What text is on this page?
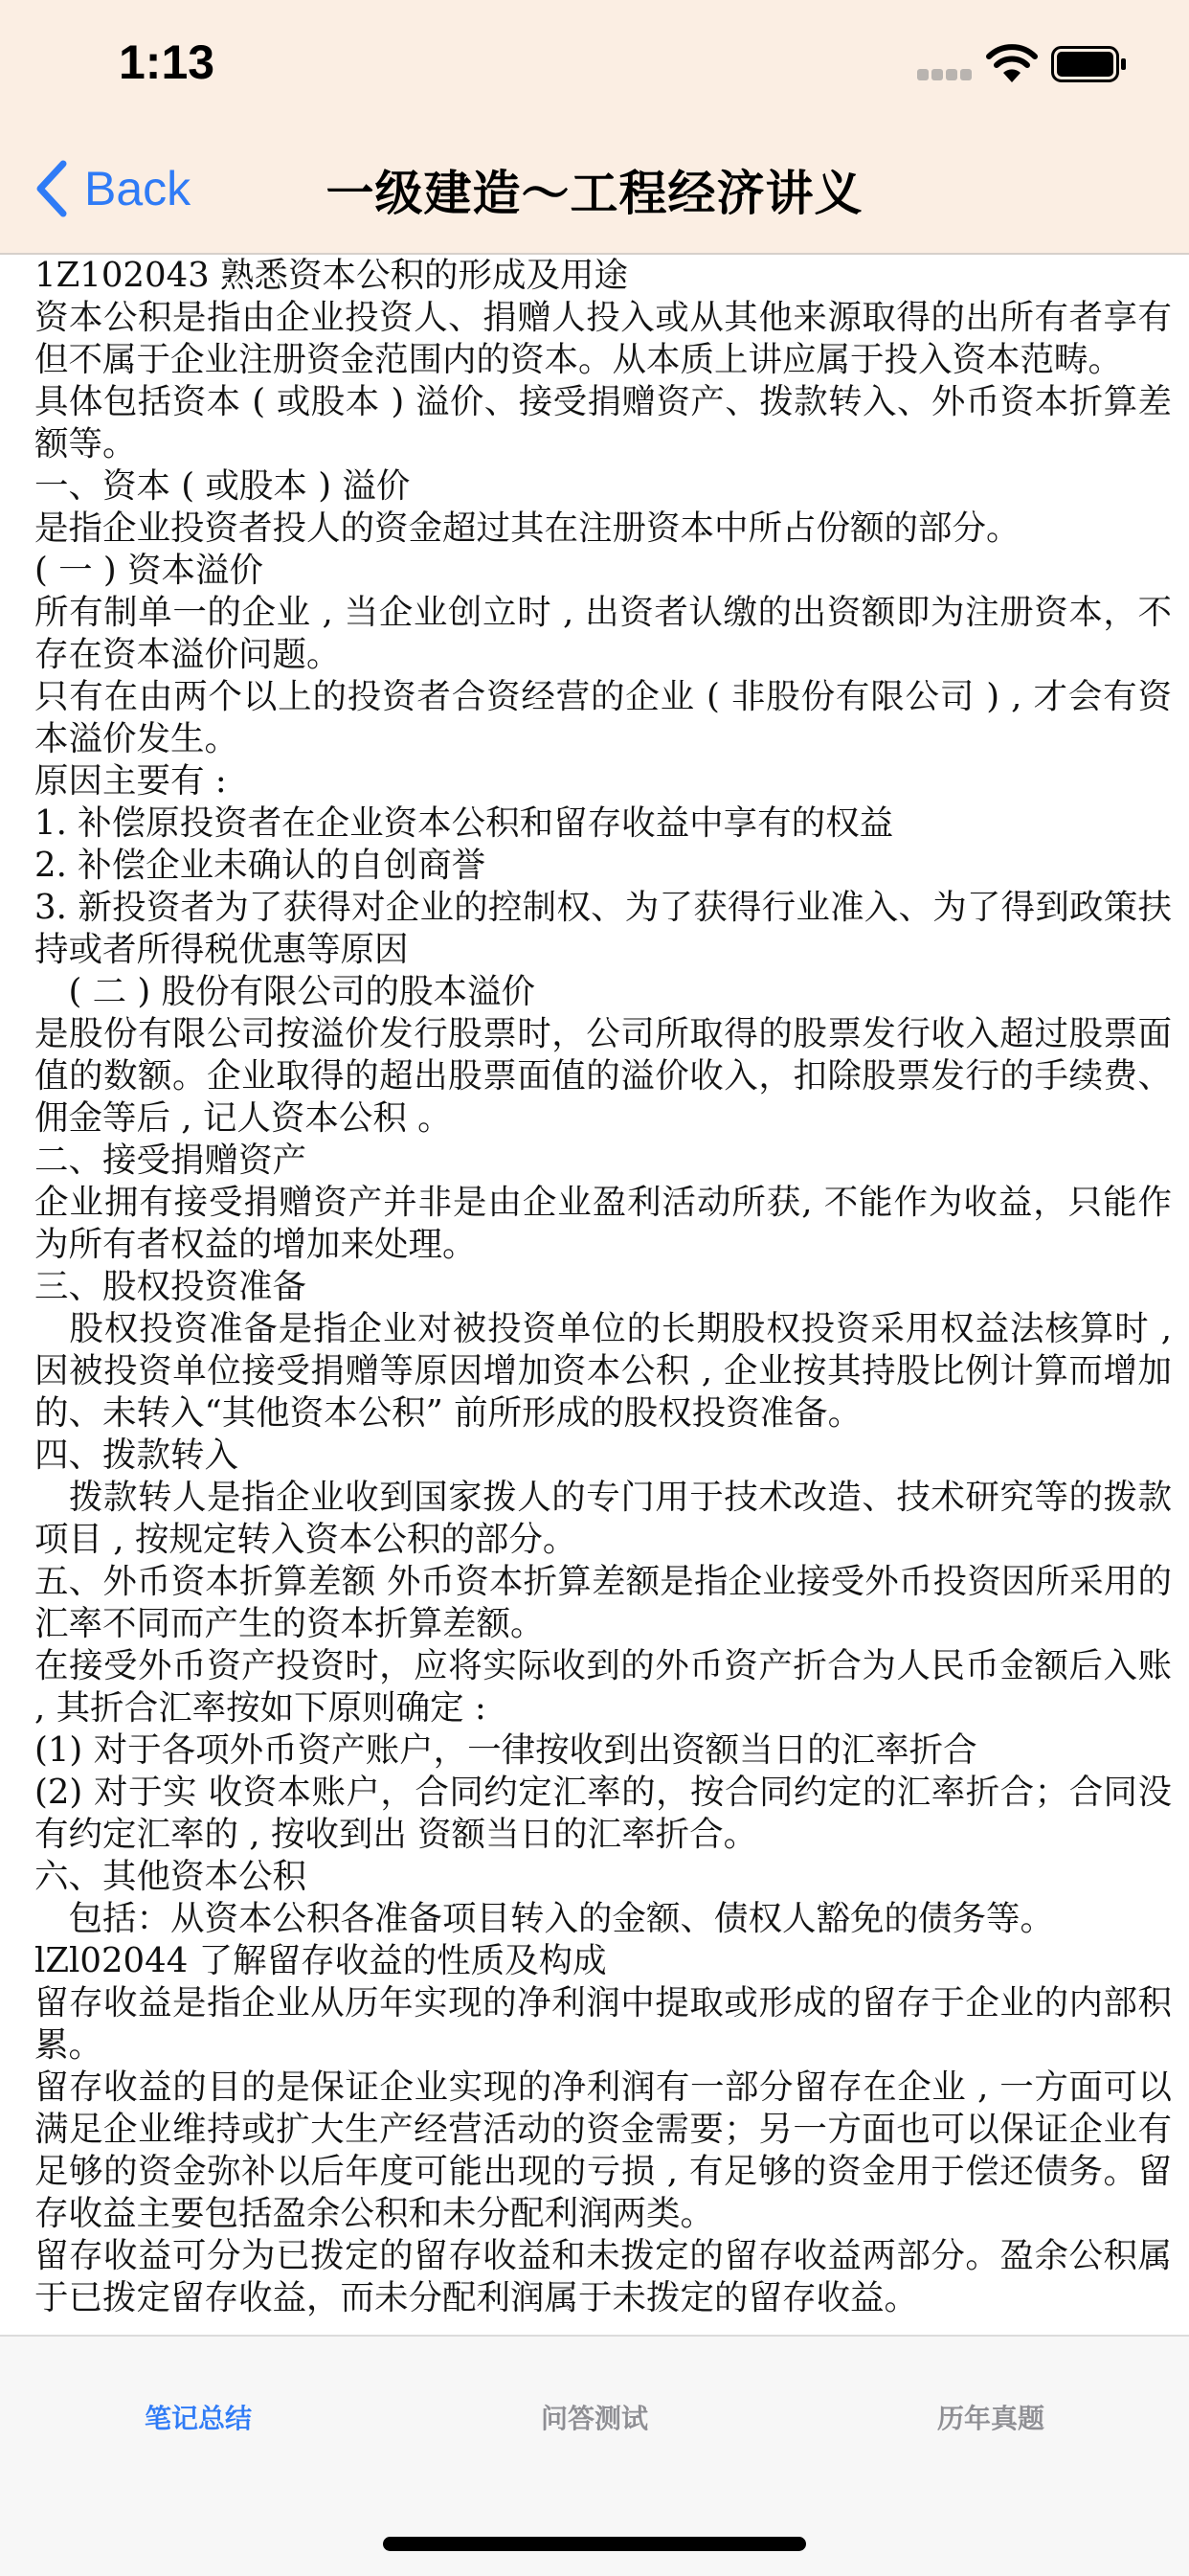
1:13
Back	一级建造～工程经济讲义

1Z102043 熟悉资本公积的形成及用途

资本公积是指由企业投资人、捐赠人投入或从其他来源取得的出所有者享有但不属于企业注册资金范围内的资本。从本质上讲应属于投入资本范畴。

具体包括资本 ( 或股本 ) 溢价、接受捐赠资产、拨款转入、外币资本折算差额等。

一、资本 ( 或股本 ) 溢价

是指企业投资者投人的资金超过其在注册资本中所占份额的部分。

( 一 ) 资本溢价

所有制单一的企业 , 当企业创立时 , 出资者认缴的出资额即为注册资本，不存在资本溢价问题。

只有在由两个以上的投资者合资经营的企业 ( 非股份有限公司 ) , 才会有资本溢价发生。

原因主要有 :

1. 补偿原投资者在企业资本公积和留存收益中享有的权益

2. 补偿企业未确认的自创商誉

3. 新投资者为了获得对企业的控制权、为了获得行业准入、为了得到政策扶持或者所得税优惠等原因

　( 二 ) 股份有限公司的股本溢价

是股份有限公司按溢价发行股票时，公司所取得的股票发行收入超过股票面值的数额。企业取得的超出股票面值的溢价收入，扣除股票发行的手续费、佣金等后 , 记人资本公积 。

二、接受捐赠资产

企业拥有接受捐赠资产并非是由企业盈利活动所获, 不能作为收益，只能作为所有者权益的增加来处理。

三、股权投资准备

　股权投资准备是指企业对被投资单位的长期股权投资采用权益法核算时 , 因被投资单位接受捐赠等原因增加资本公积 , 企业按其持股比例计算而增加的、未转入“其他资本公积” 前所形成的股权投资准备。

四、拨款转入

　拨款转人是指企业收到国家拨人的专门用于技术改造、技术研究等的拨款项目 , 按规定转入资本公积的部分。

五、外币资本折算差额 外币资本折算差额是指企业接受外币投资因所采用的汇率不同而产生的资本折算差额。

在接受外币资产投资时，应将实际收到的外币资产折合为人民币金额后入账 , 其折合汇率按如下原则确定 :

(1) 对于各项外币资产账户，一律按收到出资额当日的汇率折合

(2) 对于实 收资本账户，合同约定汇率的，按合同约定的汇率折合；合同没有约定汇率的 , 按收到出 资额当日的汇率折合。

六、其他资本公积

　包括：从资本公积各准备项目转入的金额、债权人豁免的债务等。

lZl02044 了解留存收益的性质及构成

留存收益是指企业从历年实现的净利润中提取或形成的留存于企业的内部积累。

留存收益的目的是保证企业实现的净利润有一部分留存在企业 , 一方面可以满足企业维持或扩大生产经营活动的资金需要；另一方面也可以保证企业有足够的资金弥补以后年度可能出现的亏损 , 有足够的资金用于偿还债务。留存收益主要包括盈余公积和未分配利润两类。

留存收益可分为已拨定的留存收益和未拨定的留存收益两部分。盈余公积属于已拨定留存收益，而未分配利润属于未拨定的留存收益。

笔记总结	问答测试	历年真题
